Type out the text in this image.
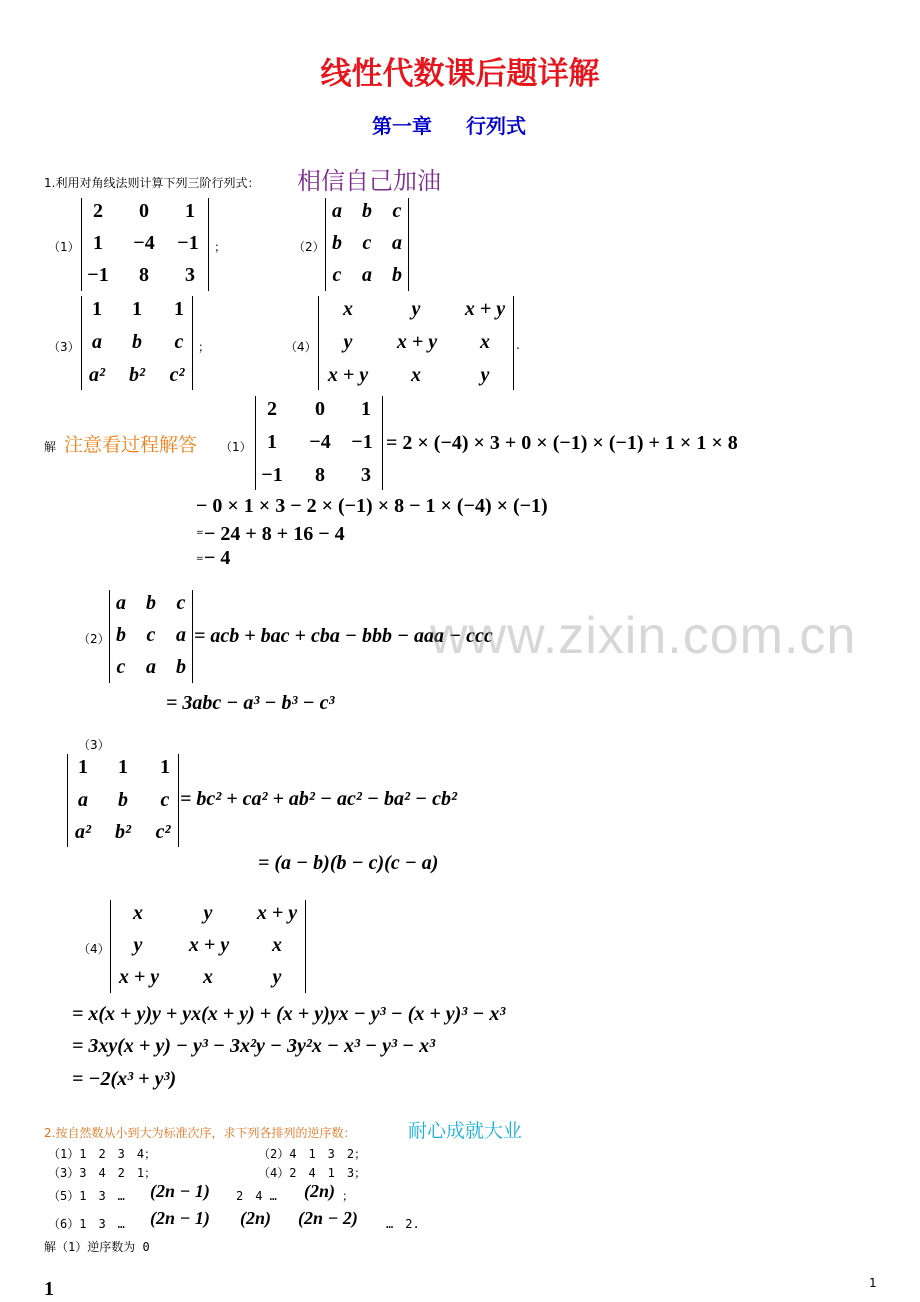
线性代数课后题详解
第一章 行列式
1.利用对角线法则计算下列三阶行列式： 相信自己加油
（1）
2	0	1
1	−4	−1
−1	8	3
；	（2）
a	b	c
b	c	a
c	a	b
（3）
1	1	1
a	b	c
a²	b²	c²
；	（4）
x	y	x + y
y	x + y	x
x + y	x	y
.
解 注意看过程解答 （1）
2	0	1
1	−4	−1
−1	8	3
= 2 × (−4) × 3 + 0 × (−1) × (−1) + 1 × 1 × 8
− 0 × 1 × 3 − 2 × (−1) × 8 − 1 × (−4) × (−1)
= − 24 + 8 + 16 − 4
= − 4
（2）
a	b	c
b	c	a
c	a	b
= acb + bac + cba − bbb − aaa − ccc
= 3abc − a³ − b³ − c³
www.zixin.com.cn
（3）
1	1	1
a	b	c
a²	b²	c²
= bc² + ca² + ab² − ac² − ba² − cb²
= (a − b)(b − c)(c − a)
（4）
x	y	x + y
y	x + y	x
x + y	x	y
= x(x + y)y + yx(x + y) + (x + y)yx − y³ − (x + y)³ − x³
= 3xy(x + y) − y³ − 3x²y − 3y²x − x³ − y³ − x³
= −2(x³ + y³)
2.按自然数从小到大为标准次序，求下列各排列的逆序数：	耐心成就大业
（1）1　2　3　4；	（2）4　1　3　2；
（3）3　4　2　1；	（4）2　4　1　3；
（5）1　3　… (2n − 1) 2　4 … (2n) ；
（6）1　3　… (2n − 1) (2n) (2n − 2) …　2.
解（1）逆序数为 0
1	1
